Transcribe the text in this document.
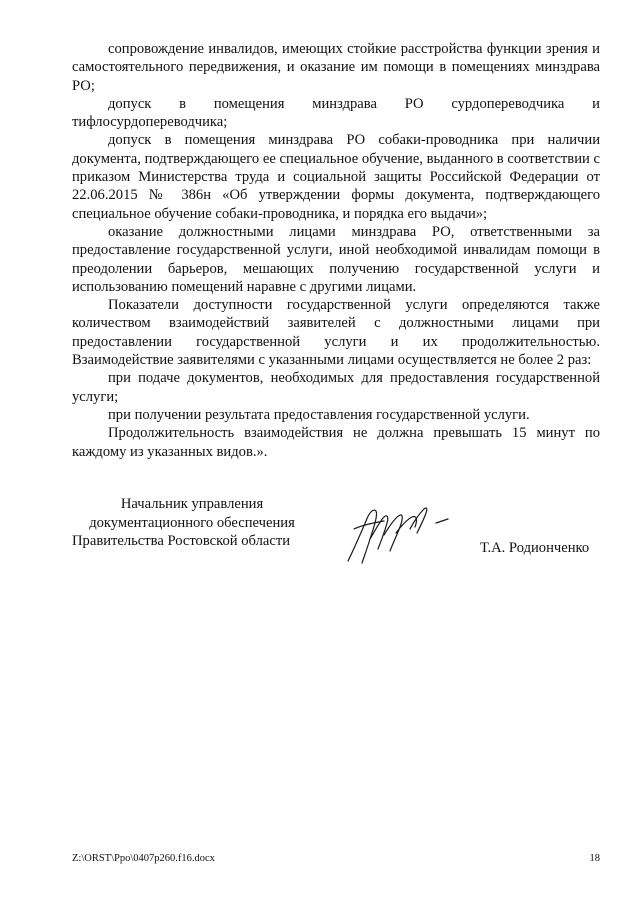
сопровождение инвалидов, имеющих стойкие расстройства функции зрения и самостоятельного передвижения, и оказание им помощи в помещениях минздрава РО;

допуск в помещения минздрава РО сурдопереводчика и тифлосурдопереводчика;

допуск в помещения минздрава РО собаки-проводника при наличии документа, подтверждающего ее специальное обучение, выданного в соответствии с приказом Министерства труда и социальной защиты Российской Федерации от 22.06.2015 № 386н «Об утверждении формы документа, подтверждающего специальное обучение собаки-проводника, и порядка его выдачи»;

оказание должностными лицами минздрава РО, ответственными за предоставление государственной услуги, иной необходимой инвалидам помощи в преодолении барьеров, мешающих получению государственной услуги и использованию помещений наравне с другими лицами.

Показатели доступности государственной услуги определяются также количеством взаимодействий заявителей с должностными лицами при предоставлении государственной услуги и их продолжительностью. Взаимодействие заявителями с указанными лицами осуществляется не более 2 раз:

при подаче документов, необходимых для предоставления государственной услуги;

при получении результата предоставления государственной услуги.

Продолжительность взаимодействия не должна превышать 15 минут по каждому из указанных видов.».

Начальник управления
документационного обеспечения
Правительства Ростовской области	Т.А. Родионченко
Z:\ORST\Ppo\0407p260.f16.docx	18
